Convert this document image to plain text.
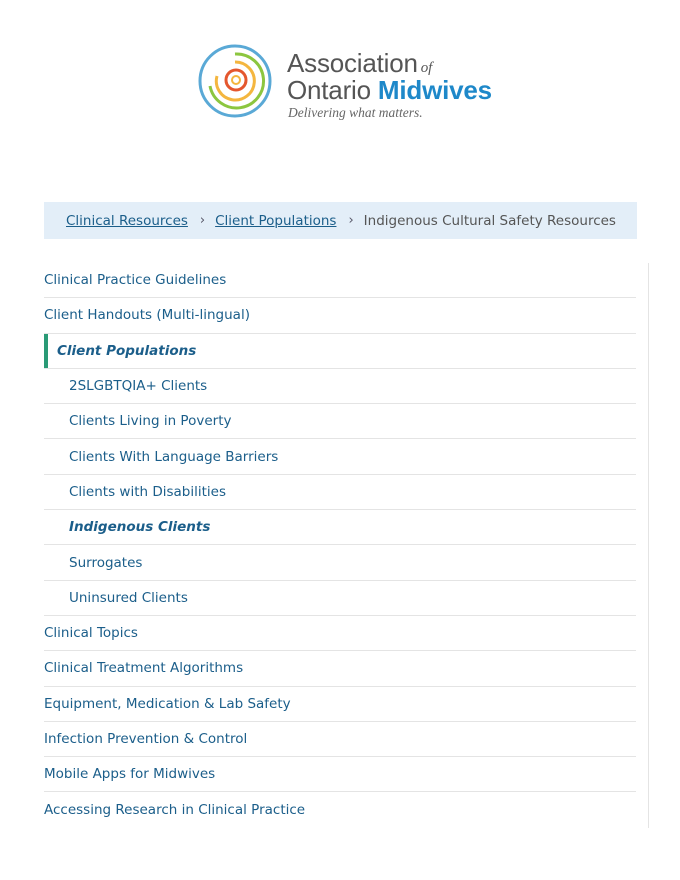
Association of
Ontario Midwives
Delivering what matters.
Clinical Resources › Client Populations › Indigenous Cultural Safety Resources
Clinical Practice Guidelines
Client Handouts (Multi-lingual)
Client Populations
2SLGBTQIA+ Clients
Clients Living in Poverty
Clients With Language Barriers
Clients with Disabilities
Indigenous Clients
Surrogates
Uninsured Clients
Clinical Topics
Clinical Treatment Algorithms
Equipment, Medication & Lab Safety
Infection Prevention & Control
Mobile Apps for Midwives
Accessing Research in Clinical Practice
